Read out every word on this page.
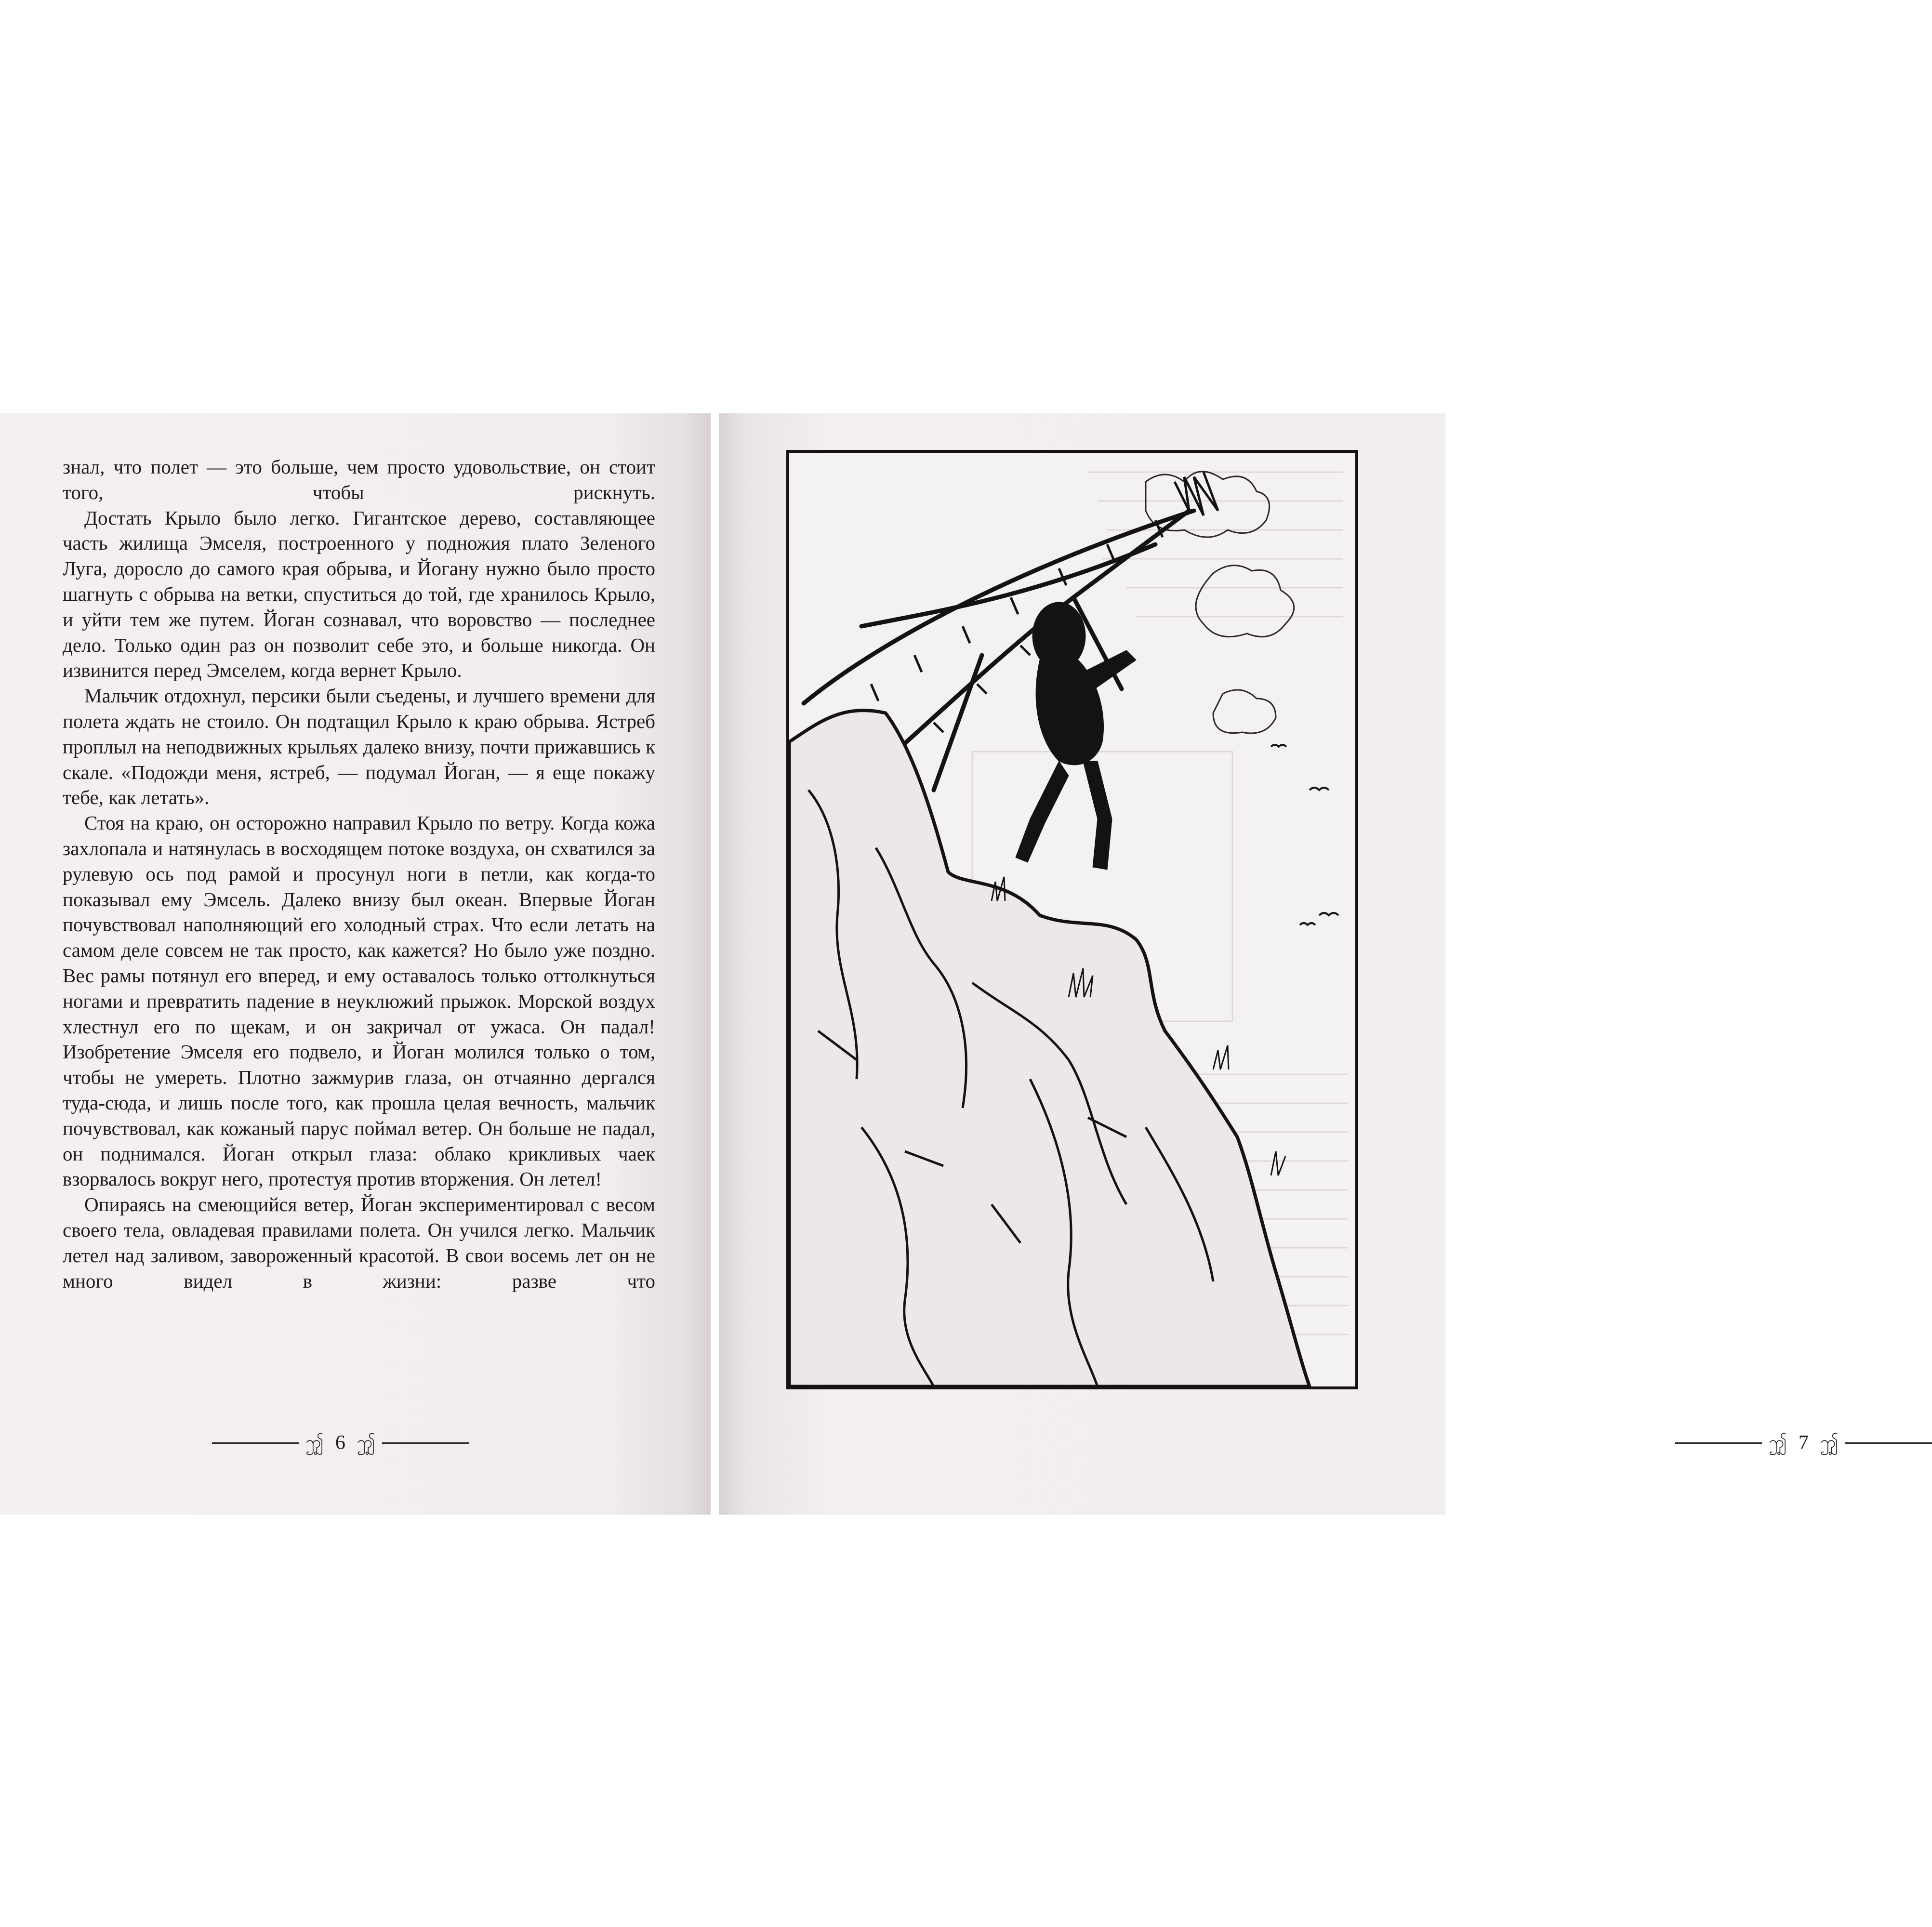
знал, что полет — это больше, чем просто удовольствие, он стоит того, чтобы рискнуть.

Достать Крыло было легко. Гигантское дерево, составляющее часть жилища Эмселя, построенного у подножия плато Зеленого Луга, доросло до самого края обрыва, и Йогану нужно было просто шагнуть с обрыва на ветки, спуститься до той, где хранилось Крыло, и уйти тем же путем. Йоган сознавал, что воровство — последнее дело. Только один раз он позволит себе это, и больше никогда. Он извинится перед Эмселем, когда вернет Крыло.

Мальчик отдохнул, персики были съедены, и лучшего времени для полета ждать не стоило. Он подтащил Крыло к краю обрыва. Ястреб проплыл на неподвижных крыльях далеко внизу, почти прижавшись к скале. «Подожди меня, ястреб, — подумал Йоган, — я еще покажу тебе, как летать».

Стоя на краю, он осторожно направил Крыло по ветру. Когда кожа захлопала и натянулась в восходящем потоке воздуха, он схватился за рулевую ось под рамой и просунул ноги в петли, как когда-то показывал ему Эмсель. Далеко внизу был океан. Впервые Йоган почувствовал наполняющий его холодный страх. Что если летать на самом деле совсем не так просто, как кажется? Но было уже поздно. Вес рамы потянул его вперед, и ему оставалось только оттолкнуться ногами и превратить падение в неуклюжий прыжок. Морской воздух хлестнул его по щекам, и он закричал от ужаса. Он падал! Изобретение Эмселя его подвело, и Йоган молился только о том, чтобы не умереть. Плотно зажмурив глаза, он отчаянно дергался туда-сюда, и лишь после того, как прошла целая вечность, мальчик почувствовал, как кожаный парус поймал ветер. Он больше не падал, он поднимался. Йоган открыл глаза: облако крикливых чаек взорвалось вокруг него, протестуя против вторжения. Он летел!

Опираясь на смеющийся ветер, Йоган экспериментировал с весом своего тела, овладевая правилами полета. Он учился легко. Мальчик летел над заливом, завороженный красотой. В свои восемь лет он не много видел в жизни: разве что

ꩶ 6 ꩶ	ꩶ 7 ꩶ
